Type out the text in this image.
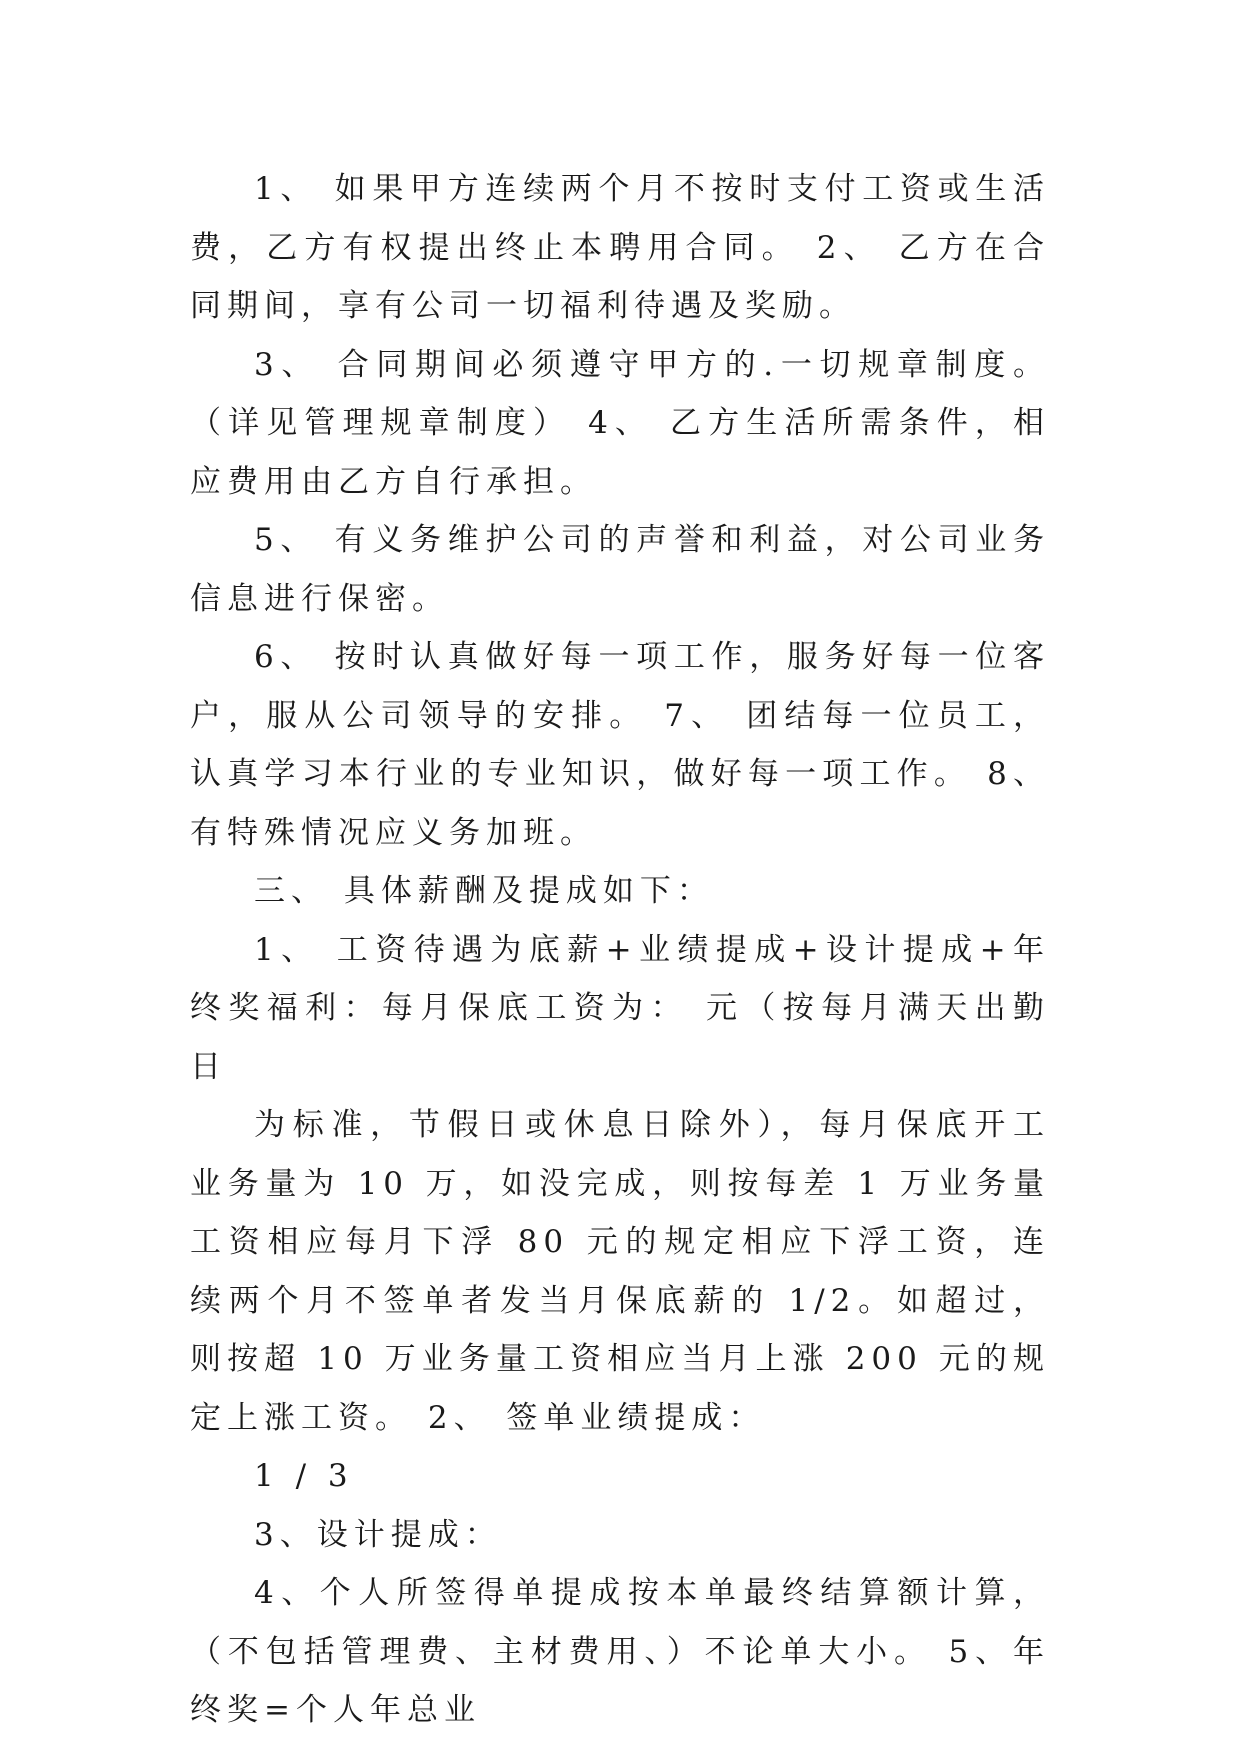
1、 如果甲方连续两个月不按时支付工资或生活费，乙方有权提出终止本聘用合同。 2、 乙方在合同期间，享有公司一切福利待遇及奖励。

3、 合同期间必须遵守甲方的.一切规章制度。（详见管理规章制度） 4、 乙方生活所需条件，相应费用由乙方自行承担。

5、 有义务维护公司的声誉和利益，对公司业务信息进行保密。

6、 按时认真做好每一项工作，服务好每一位客户，服从公司领导的安排。 7、 团结每一位员工，认真学习本行业的专业知识，做好每一项工作。 8、 有特殊情况应义务加班。

三、 具体薪酬及提成如下：

1、 工资待遇为底薪+业绩提成+设计提成+年终奖福利：每月保底工资为： 元（按每月满天出勤日

为标准，节假日或休息日除外），每月保底开工业务量为 10 万，如没完成，则按每差 1 万业务量工资相应每月下浮 80 元的规定相应下浮工资，连续两个月不签单者发当月保底薪的 1/2。如超过，则按超 10 万业务量工资相应当月上涨 200 元的规定上涨工资。 2、 签单业绩提成：

1 / 3

3、设计提成：

4、个人所签得单提成按本单最终结算额计算，（不包括管理费、主材费用、）不论单大小。 5、年终奖=个人年总业
